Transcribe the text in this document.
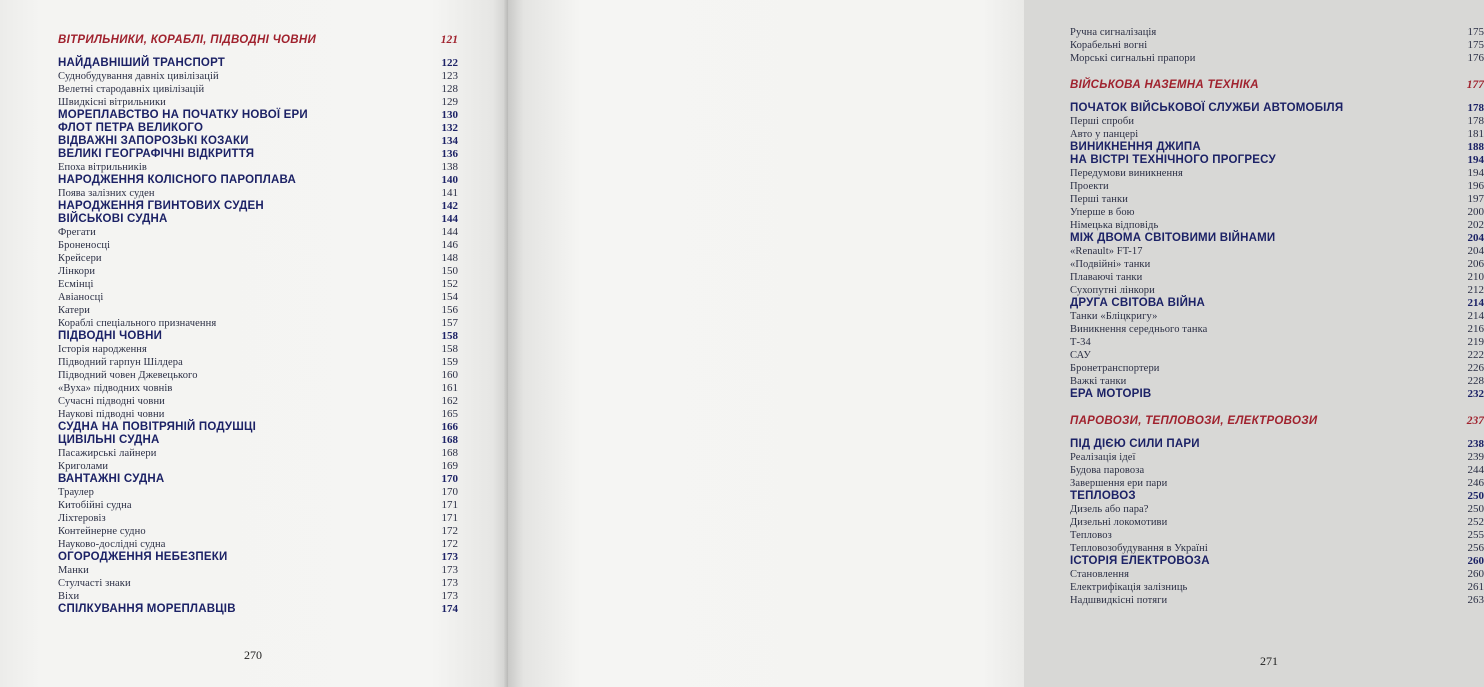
ВІТРИЛЬНИКИ, КОРАБЛІ, ПІДВОДНІ ЧОВНИ	121
НАЙДАВНІШИЙ ТРАНСПОРТ	122
Суднобудування давніх цивілізацій	123
Велетні стародавніх цивілізацій	128
Швидкісні вітрильники	129
МОРЕПЛАВСТВО НА ПОЧАТКУ НОВОЇ ЕРИ	130
ФЛОТ ПЕТРА ВЕЛИКОГО	132
ВІДВАЖНІ ЗАПОРОЗЬКІ КОЗАКИ	134
ВЕЛИКІ ГЕОГРАФІЧНІ ВІДКРИТТЯ	136
Епоха вітрильників	138
НАРОДЖЕННЯ КОЛІСНОГО ПАРОПЛАВА	140
Поява залізних суден	141
НАРОДЖЕННЯ ГВИНТОВИХ СУДЕН	142
ВІЙСЬКОВІ СУДНА	144
Фрегати	144
Броненосці	146
Крейсери	148
Лінкори	150
Есмінці	152
Авіаносці	154
Катери	156
Кораблі спеціального призначення	157
ПІДВОДНІ ЧОВНИ	158
Історія народження	158
Підводний гарпун Шілдера	159
Підводний човен Джевецького	160
«Вуха» підводних човнів	161
Сучасні підводні човни	162
Наукові підводні човни	165
СУДНА НА ПОВІТРЯНІЙ ПОДУШЦІ	166
ЦИВІЛЬНІ СУДНА	168
Пасажирські лайнери	168
Криголами	169
ВАНТАЖНІ СУДНА	170
Траулер	170
Китобійні судна	171
Ліхтеровіз	171
Контейнерне судно	172
Науково-дослідні судна	172
ОГОРОДЖЕННЯ НЕБЕЗПЕКИ	173
Манки	173
Стулчасті знаки	173
Віхи	173
СПІЛКУВАННЯ МОРЕПЛАВЦІВ	174
270
Ручна сигналізація	175
Корабельні вогні	175
Морські сигнальні прапори	176
ВІЙСЬКОВА НАЗЕМНА ТЕХНІКА	177
ПОЧАТОК ВІЙСЬКОВОЇ СЛУЖБИ АВТОМОБІЛЯ	178
Перші спроби	178
Авто у панцері	181
ВИНИКНЕННЯ ДЖИПА	188
НА ВІСТРІ ТЕХНІЧНОГО ПРОГРЕСУ	194
Передумови виникнення	194
Проекти	196
Перші танки	197
Уперше в бою	200
Німецька відповідь	202
МІЖ ДВОМА СВІТОВИМИ ВІЙНАМИ	204
«Renault» FT-17	204
«Подвійні» танки	206
Плаваючі танки	210
Сухопутні лінкори	212
ДРУГА СВІТОВА ВІЙНА	214
Танки «Бліцкригу»	214
Виникнення середнього танка	216
Т-34	219
САУ	222
Бронетранспортери	226
Важкі танки	228
ЕРА МОТОРІВ	232
ПАРОВОЗИ, ТЕПЛОВОЗИ, ЕЛЕКТРОВОЗИ	237
ПІД ДІЄЮ СИЛИ ПАРИ	238
Реалізація ідеї	239
Будова паровоза	244
Завершення ери пари	246
ТЕПЛОВОЗ	250
Дизель або пара?	250
Дизельні локомотиви	252
Тепловоз	255
Тепловозобудування в Україні	256
ІСТОРІЯ ЕЛЕКТРОВОЗА	260
Становлення	260
Електрифікація залізниць	261
Надшвидкісні потяги	263
271
